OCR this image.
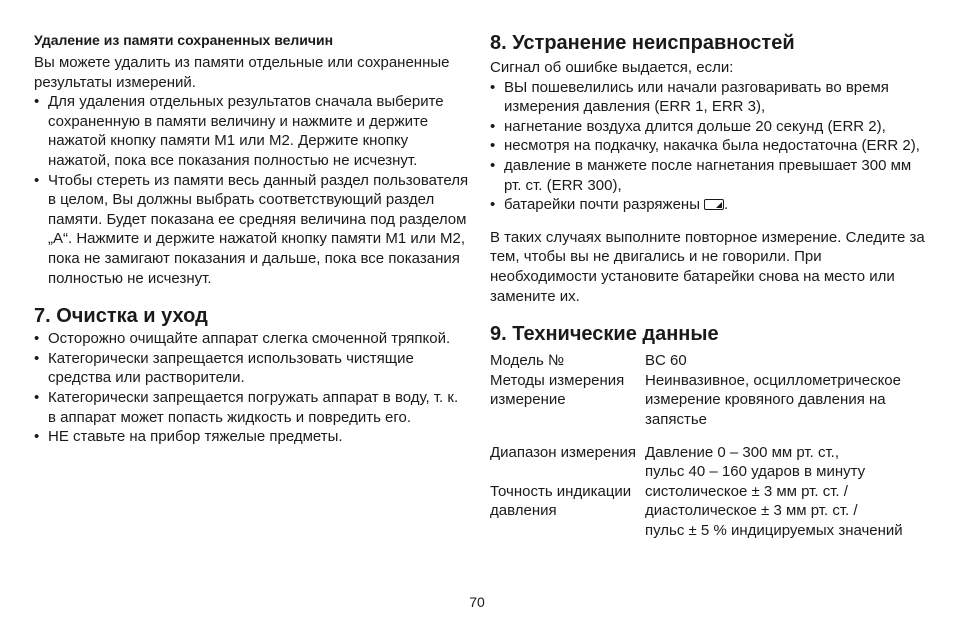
Удаление из памяти сохраненных величин

Вы можете удалить из памяти отдельные или сохраненные результаты измерений.

• Для удаления отдельных результатов сначала выберите сохраненную в памяти величину и нажмите и держите нажатой кнопку памяти M1 или M2. Держите кнопку нажатой, пока все показания полностью не исчезнут.
• Чтобы стереть из памяти весь данный раздел пользователя в целом, Вы должны выбрать соответствующий раздел памяти. Будет показана ее средняя величина под разделом „A“. Нажмите и держите нажатой кнопку памяти M1 или M2, пока не замигают показания и дальше, пока все показания полностью не исчезнут.
7. Очистка и уход
• Осторожно очищайте аппарат слегка смоченной тряпкой.
• Категорически запрещается использовать чистящие средства или растворители.
• Категорически запрещается погружать аппарат в воду, т. к. в аппарат может попасть жидкость и повредить его.
• НЕ ставьте на прибор тяжелые предметы.
8. Устранение неисправностей

Сигнал об ошибке выдается, если:

• ВЫ пошевелились или начали разговаривать во время измерения давления (ERR 1, ERR 3),
• нагнетание воздуха длится дольше 20 секунд (ERR 2),
• несмотря на подкачку, накачка была недостаточна (ERR 2),
• давление в манжете после нагнетания превышает 300 мм рт. ст. (ERR 300),
• батарейки почти разряжены .

В таких случаях выполните повторное измерение. Следите за тем, чтобы вы не двигались и не говорили. При необходимости установите батарейки снова на место или замените их.

9. Технические данные
Модель №	BC 60
Методы измерения измерение	Неинвазивное, осциллометрическое измерение кровяного давления на запястье
Диапазон измерения	Давление 0 – 300 мм рт. ст.,
пульс 40 – 160 ударов в минуту

Точность индикации давления	систолическое ± 3 мм рт. ст. /
диастолическое ± 3 мм рт. ст. /
пульс ± 5 % индицируемых значений
70
